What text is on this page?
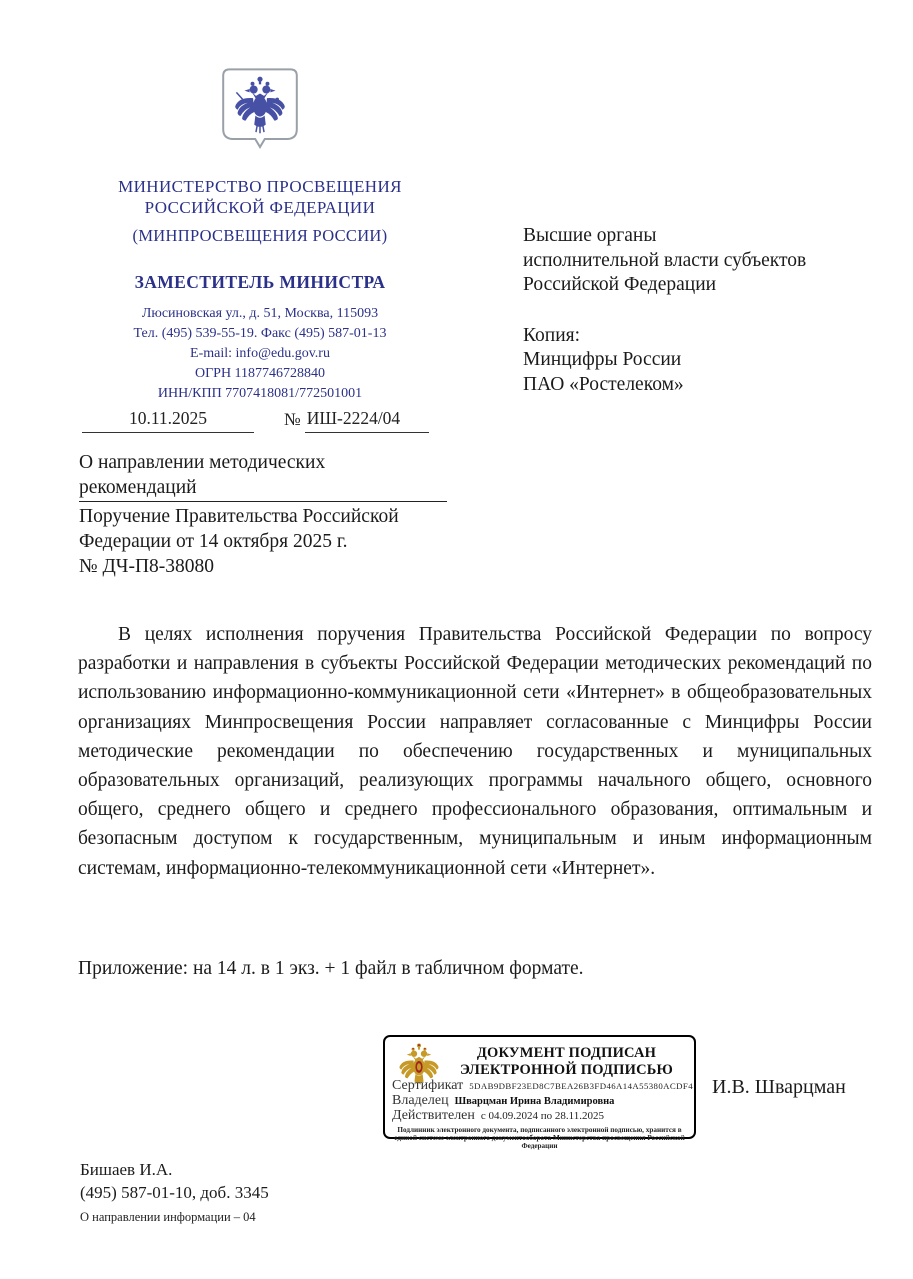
МИНИСТЕРСТВО ПРОСВЕЩЕНИЯ
РОССИЙСКОЙ ФЕДЕРАЦИИ
(МИНПРОСВЕЩЕНИЯ РОССИИ)
ЗАМЕСТИТЕЛЬ МИНИСТРА
Люсиновская ул., д. 51, Москва, 115093
Тел. (495) 539-55-19. Факс (495) 587-01-13
E-mail: info@edu.gov.ru
ОГРН 1187746728840
ИНН/КПП 7707418081/772501001
10.11.2025	№ ИШ-2224/04
Высшие органы
исполнительной власти субъектов
Российской Федерации
Копия:
Минцифры России
ПАО «Ростелеком»
О направлении методических
рекомендаций
Поручение Правительства Российской
Федерации от 14 октября 2025 г.
№ ДЧ-П8-38080
В целях исполнения поручения Правительства Российской Федерации по вопросу разработки и направления в субъекты Российской Федерации методических рекомендаций по использованию информационно-коммуникационной сети «Интернет» в общеобразовательных организациях Минпросвещения России направляет согласованные с Минцифры России методические рекомендации по обеспечению государственных и муниципальных образовательных организаций, реализующих программы начального общего, основного общего, среднего общего и среднего профессионального образования, оптимальным и безопасным доступом к государственным, муниципальным и иным информационным системам, информационно-телекоммуникационной сети «Интернет».
Приложение: на 14 л. в 1 экз. + 1 файл в табличном формате.
ДОКУМЕНТ ПОДПИСАН
ЭЛЕКТРОННОЙ ПОДПИСЬЮ
Сертификат 5DAB9DBF23ED8C7BEA26B3FD46A14A55380ACDF4
Владелец Шварцман Ирина Владимировна
Действителен с 04.09.2024 по 28.11.2025
Подлинник электронного документа, подписанного электронной подписью, хранится в единой системе электронного документооборота Министерства просвещения Российской Федерации
И.В. Шварцман
Бишаев И.А.
(495) 587-01-10, доб. 3345
О направлении информации – 04
